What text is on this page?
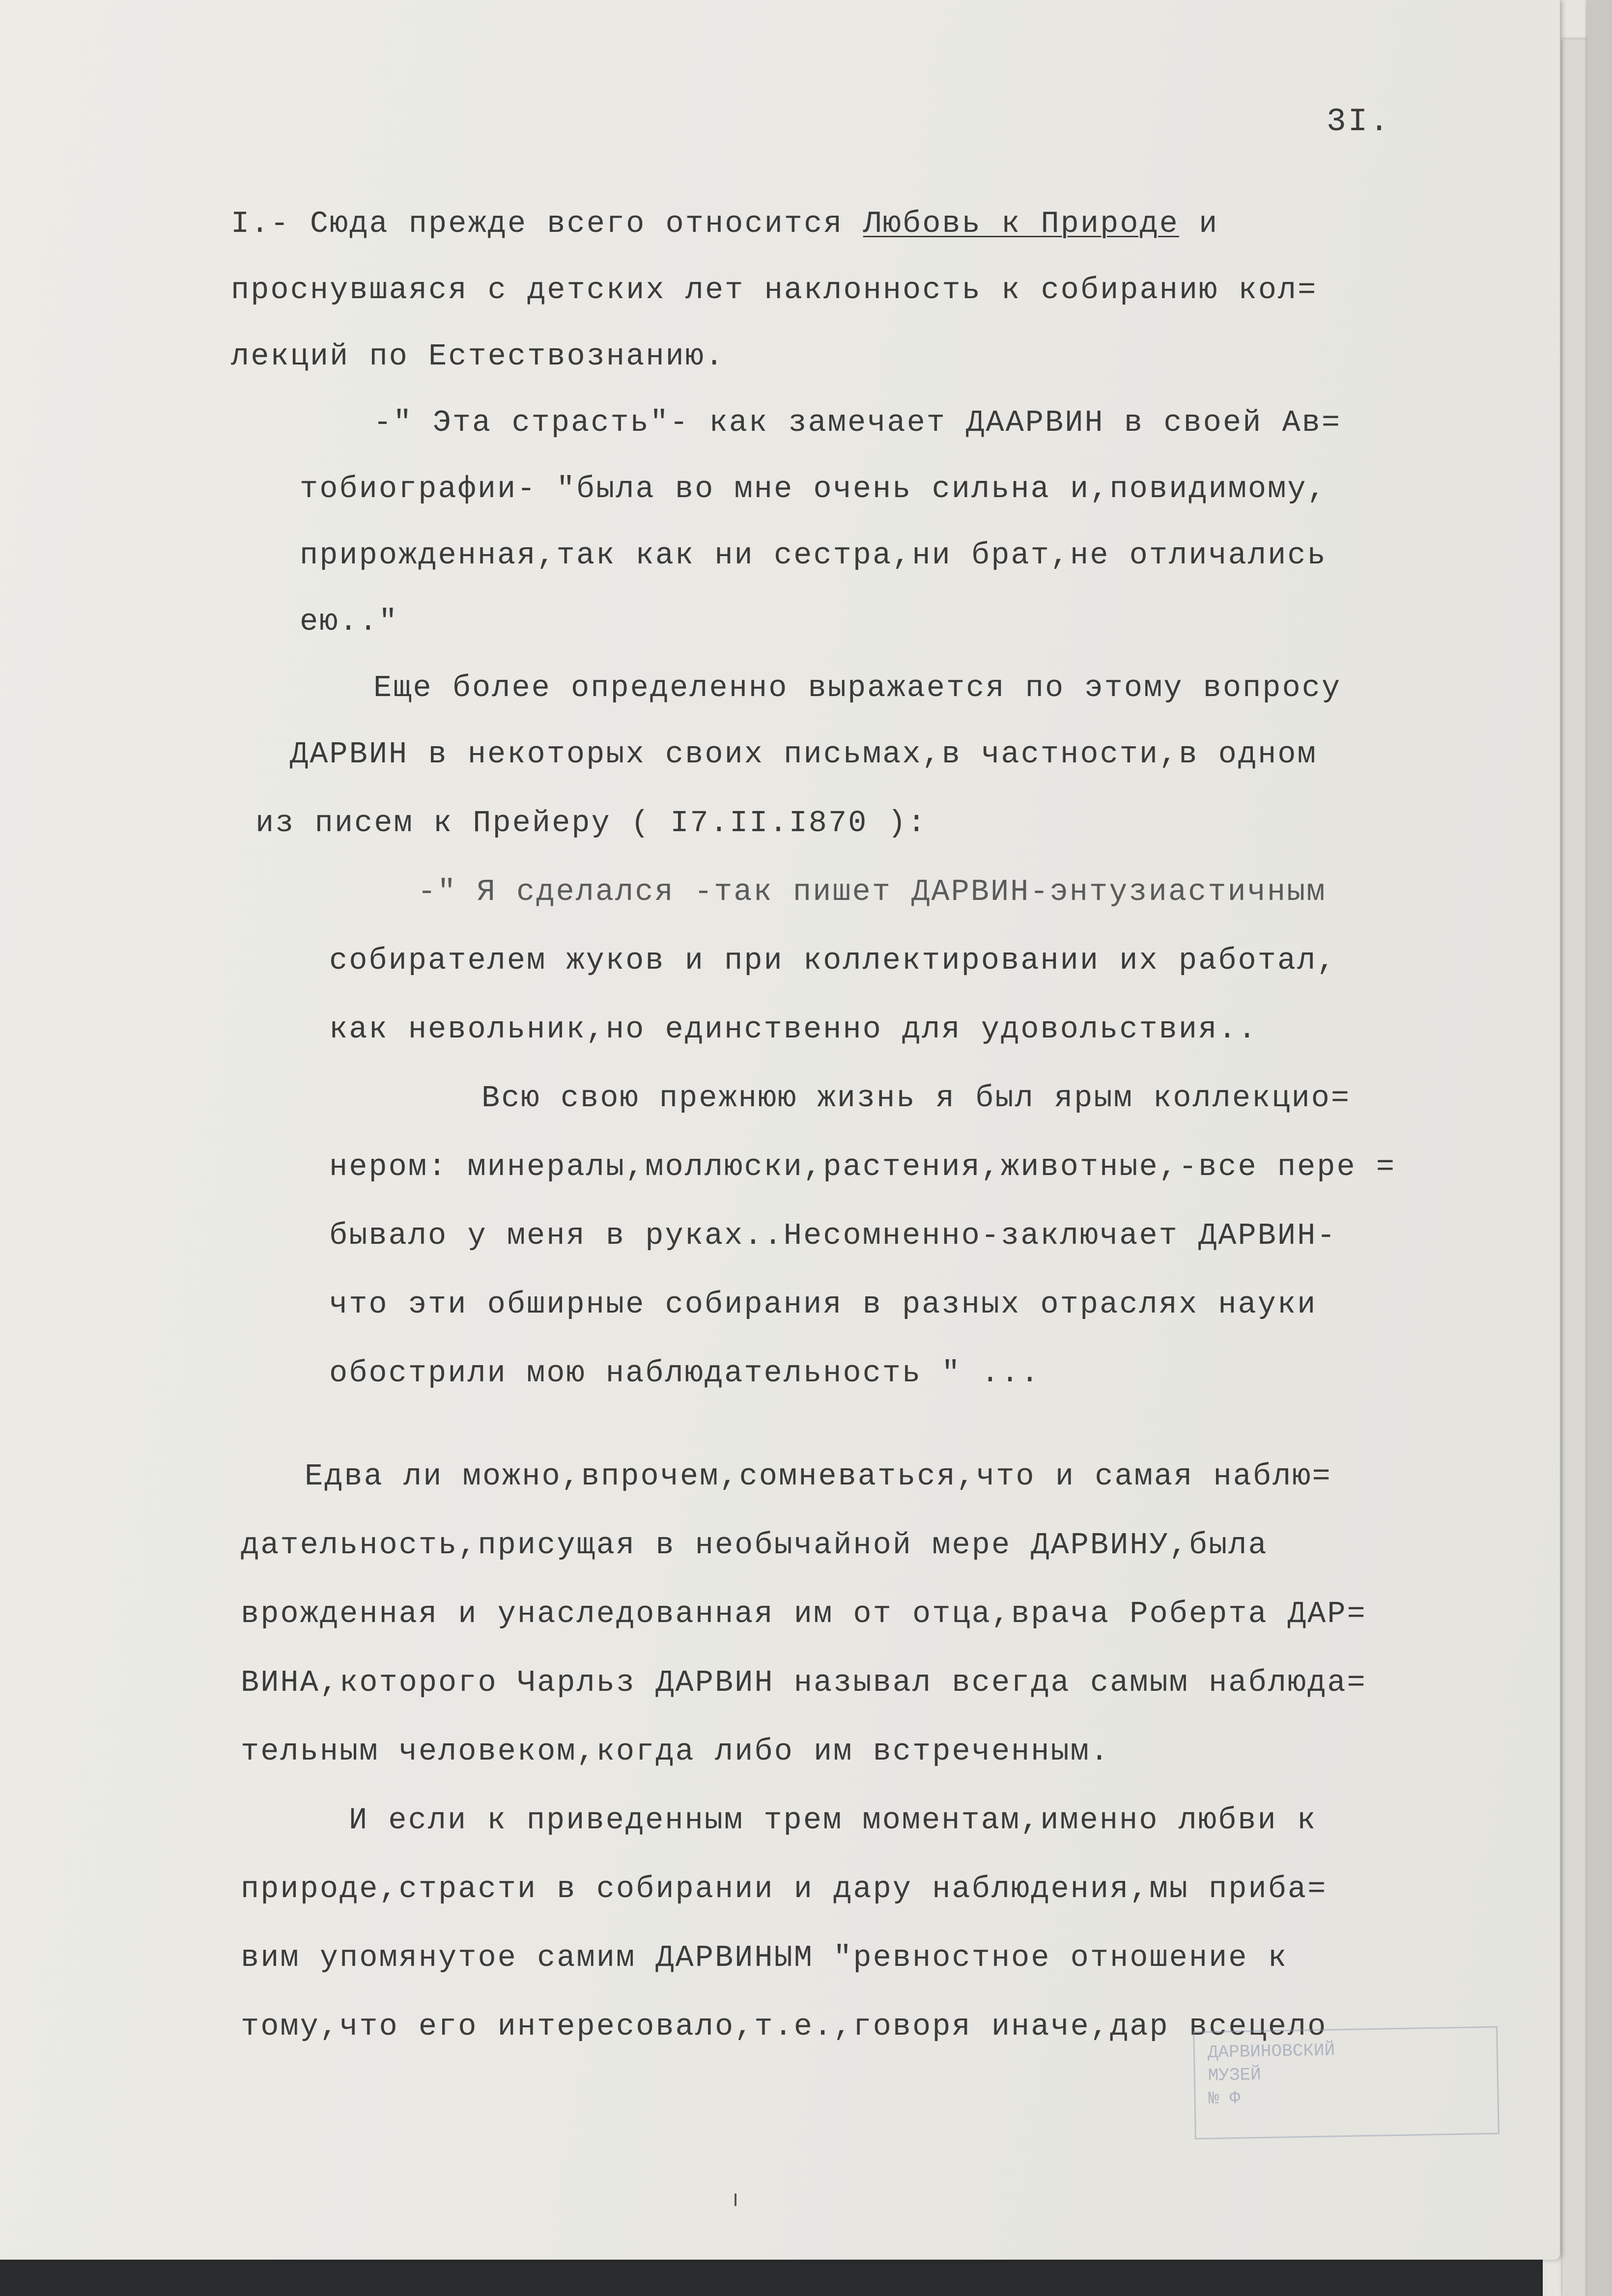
3I.
I.- Сюда прежде всего относится Любовь к Природе и
проснувшаяся с детских лет наклонность к собиранию кол=
лекций по Естествознанию.
-" Эта страсть"- как замечает ДААРВИН в своей Ав=
тобиографии- "была во мне очень сильна и,повидимому,
прирожденная,так как ни сестра,ни брат,не отличались
ею.."
Еще более определенно выражается по этому вопросу
ДАРВИН в некоторых своих письмах,в частности,в одном
из писем к Прейеру ( I7.II.I870 ):
-" Я сделался -так пишет ДАРВИН-энтузиастичным
собирателем жуков и при коллектировании их работал,
как невольник,но единственно для удовольствия..
Всю свою прежнюю жизнь я был ярым коллекцио=
нером: минералы,моллюски,растения,животные,-все пере =
бывало у меня в руках..Несомненно-заключает ДАРВИН-
что эти обширные собирания в разных отраслях науки
обострили мою наблюдательность " ...
Едва ли можно,впрочем,сомневаться,что и самая наблю=
дательность,присущая в необычайной мере ДАРВИНУ,была
врожденная и унаследованная им от отца,врача Роберта ДАР=
ВИНА,которого Чарльз ДАРВИН называл всегда самым наблюда=
тельным человеком,когда либо им встреченным.
И если к приведенным трем моментам,именно любви к
природе,страсти в собирании и дару наблюдения,мы приба=
вим упомянутое самим ДАРВИНЫМ "ревностное отношение к
тому,что его интересовало,т.е.,говоря иначе,дар всецело
ДАРВИНОВСКИЙ
МУЗЕЙ
№ Ф
